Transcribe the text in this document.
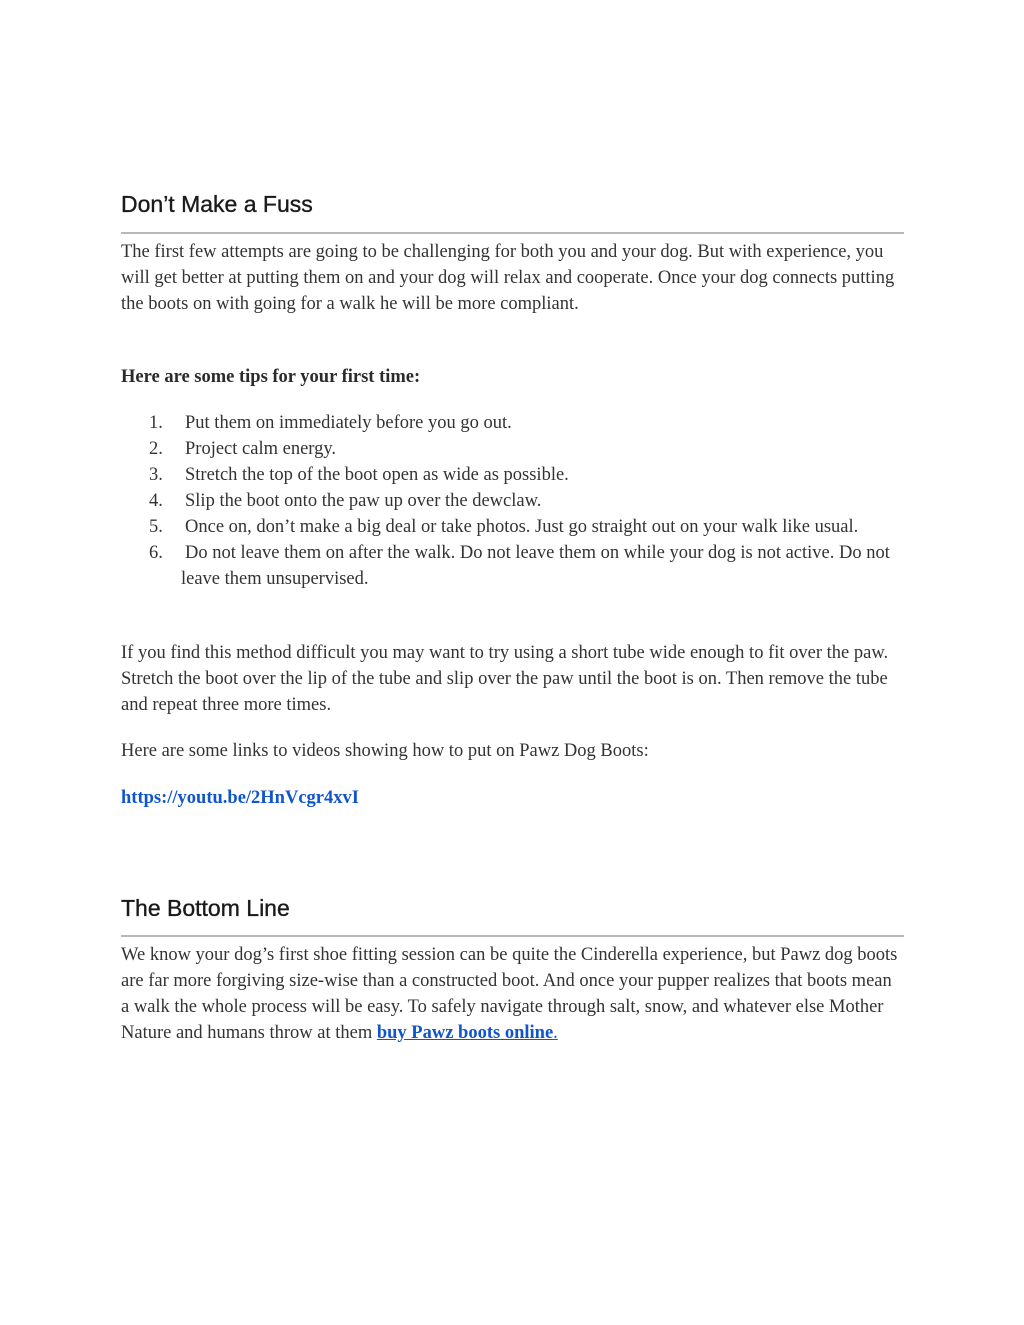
Don’t Make a Fuss

The first few attempts are going to be challenging for both you and your dog. But with experience, you will get better at putting them on and your dog will relax and cooperate. Once your dog connects putting the boots on with going for a walk he will be more compliant.

Here are some tips for your first time:

1. Put them on immediately before you go out.
2. Project calm energy.
3. Stretch the top of the boot open as wide as possible.
4. Slip the boot onto the paw up over the dewclaw.
5. Once on, don’t make a big deal or take photos. Just go straight out on your walk like usual.
6. Do not leave them on after the walk. Do not leave them on while your dog is not active. Do not leave them unsupervised.

If you find this method difficult you may want to try using a short tube wide enough to fit over the paw. Stretch the boot over the lip of the tube and slip over the paw until the boot is on. Then remove the tube and repeat three more times.

Here are some links to videos showing how to put on Pawz Dog Boots:

https://youtu.be/2HnVcgr4xvI

The Bottom Line

We know your dog’s first shoe fitting session can be quite the Cinderella experience, but Pawz dog boots are far more forgiving size-wise than a constructed boot. And once your pupper realizes that boots mean a walk the whole process will be easy. To safely navigate through salt, snow, and whatever else Mother Nature and humans throw at them buy Pawz boots online.
